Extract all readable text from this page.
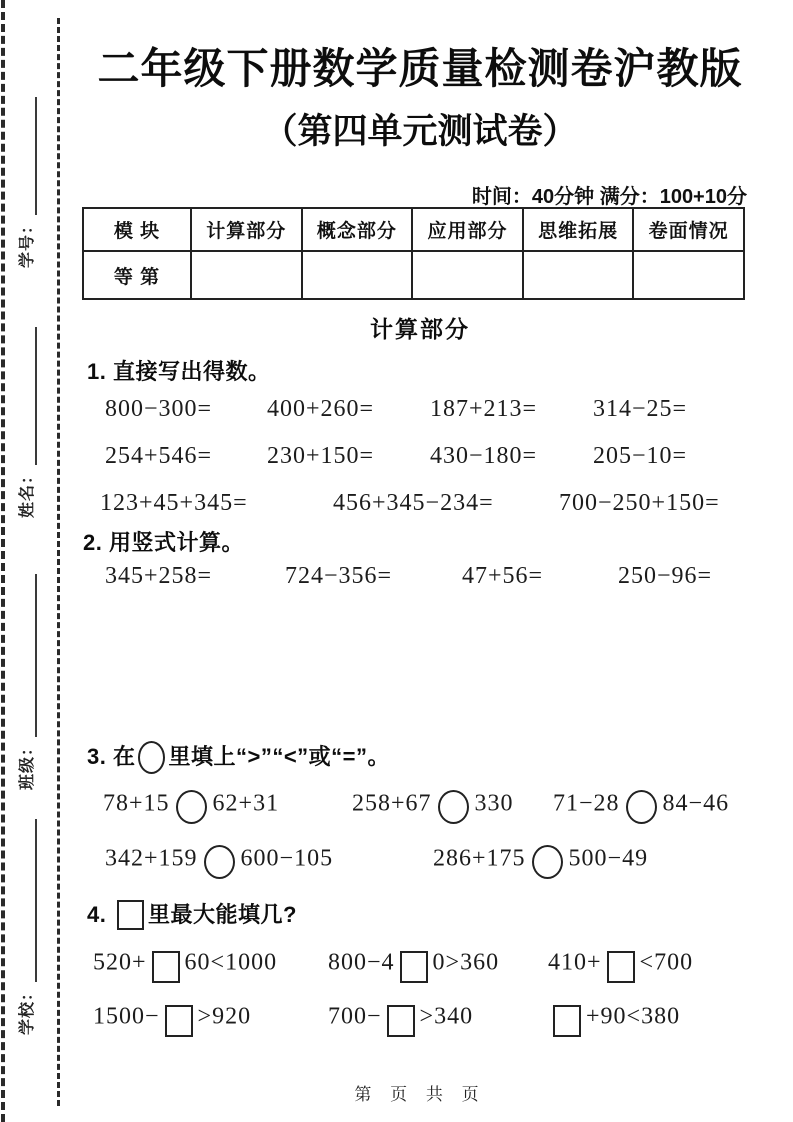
学号：
姓名：
班级：
学校：
二年级下册数学质量检测卷沪教版
（第四单元测试卷）
时间：40分钟 满分：100+10分
模 块	计算部分	概念部分	应用部分	思维拓展	卷面情况
等 第					
计算部分
1. 直接写出得数。
800−300= 400+260= 187+213= 314−25=
254+546= 230+150= 430−180= 205−10=
123+45+345=	456+345−234=	700−250+150=
2. 用竖式计算。
345+258=	724−356=	47+56=	250−96=
3. 在 里填上“>”“<”或“=”。
78+15 62+31	258+67 330 71−28 84−46
342+159 600−105	286+175 500−49
4. 里最大能填几?
520+ 60<1000 800−4 0>360 410+ <700
1500− >920	700− >340	+90<380
第 页 共 页
